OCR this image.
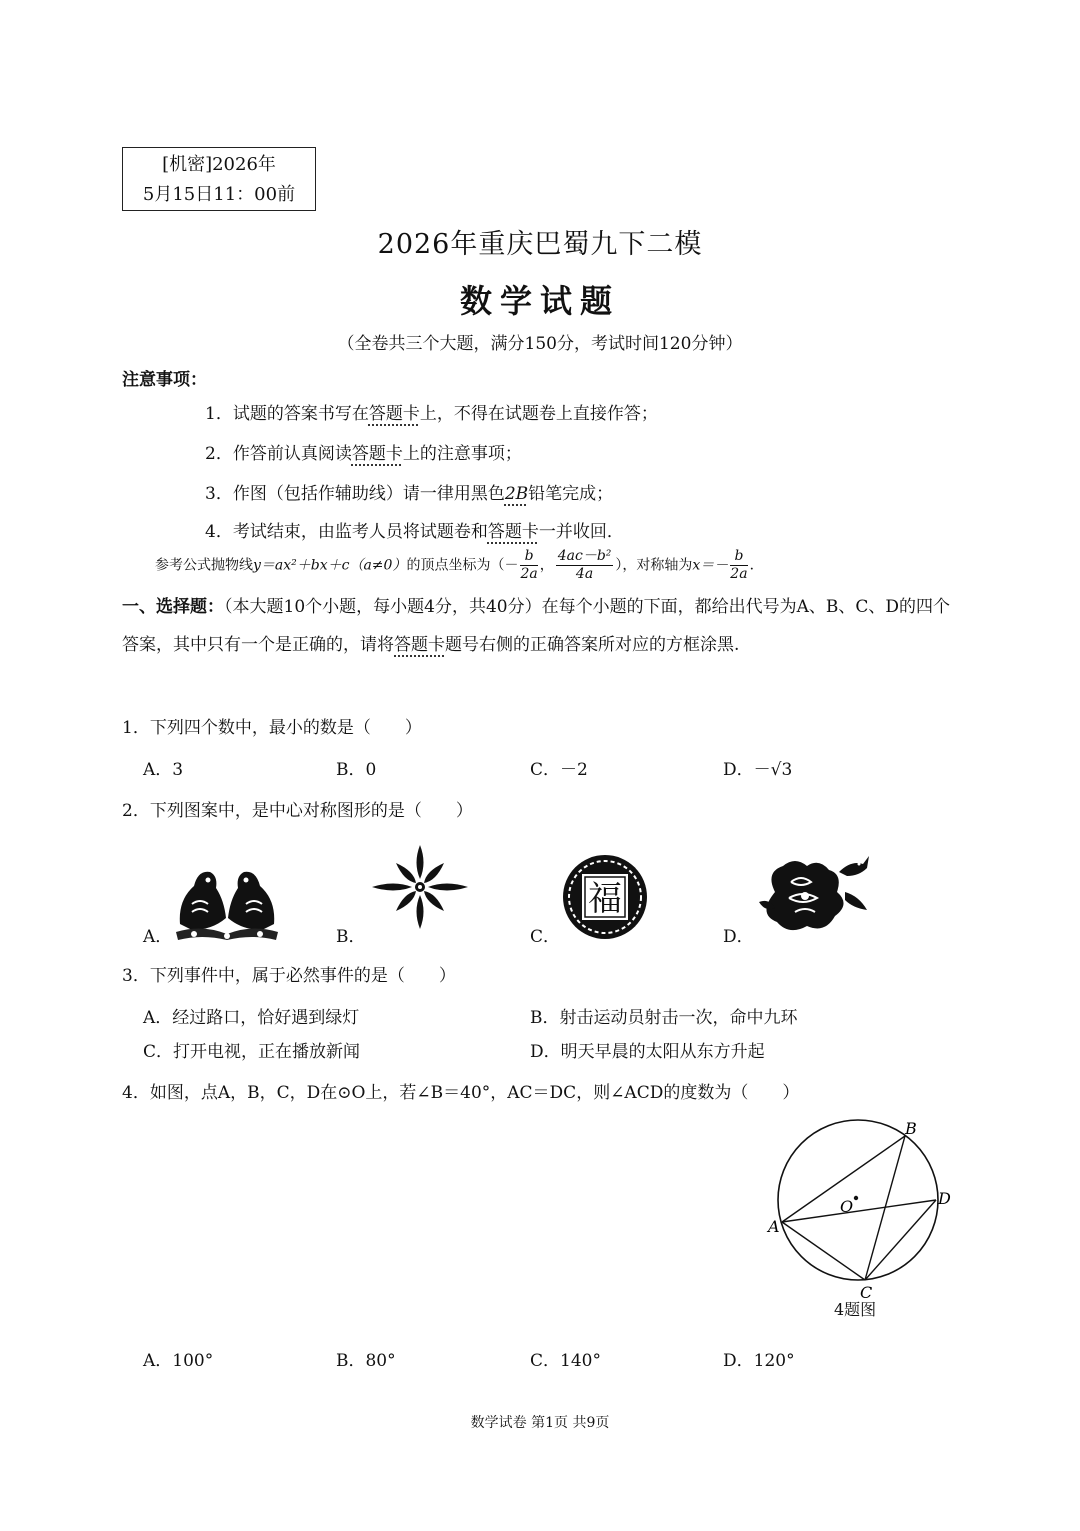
[机密]2026年
5月15日11：00前
2026年重庆巴蜀九下二模
数学试题
（全卷共三个大题，满分150分，考试时间120分钟）
注意事项：
1．试题的答案书写在答题卡上，不得在试题卷上直接作答；
2．作答前认真阅读答题卡上的注意事项；
3．作图（包括作辅助线）请一律用黑色2B铅笔完成；
4．考试结束，由监考人员将试题卷和答题卡一并收回．
参考公式抛物线y＝ax²＋bx＋c（a≠0）的顶点坐标为（－ $\frac{b}{2a}$ ， $\frac{\text{4ac－b²}}{4a}$ ），对称轴为$x=- \frac{b}{2a}$ ．
一、选择题：（本大题10个小题，每小题4分，共40分）在每个小题的下面，都给出代号为A、B、C、D的四个答案，其中只有一个是正确的，请将答题卡题号右侧的正确答案所对应的方框涂黑.
1．下列四个数中，最小的数是（　　）
A．3	B．0	C．－2	D．－√3
2．下列图案中，是中心对称图形的是（　　）
A．	B．	C．	D．
福
3．下列事件中，属于必然事件的是（　　）
A．经过路口，恰好遇到绿灯	B．射击运动员射击一次，命中九环
C．打开电视，正在播放新闻	D．明天早晨的太阳从东方升起
4．如图，点A，B，C，D在⊙O上，若∠B＝40°，AC＝DC，则∠ACD的度数为（　　）
A
B
C
D
O
4题图
A．100°	B．80°	C．140°	D．120°
数学试卷 第1页 共9页
